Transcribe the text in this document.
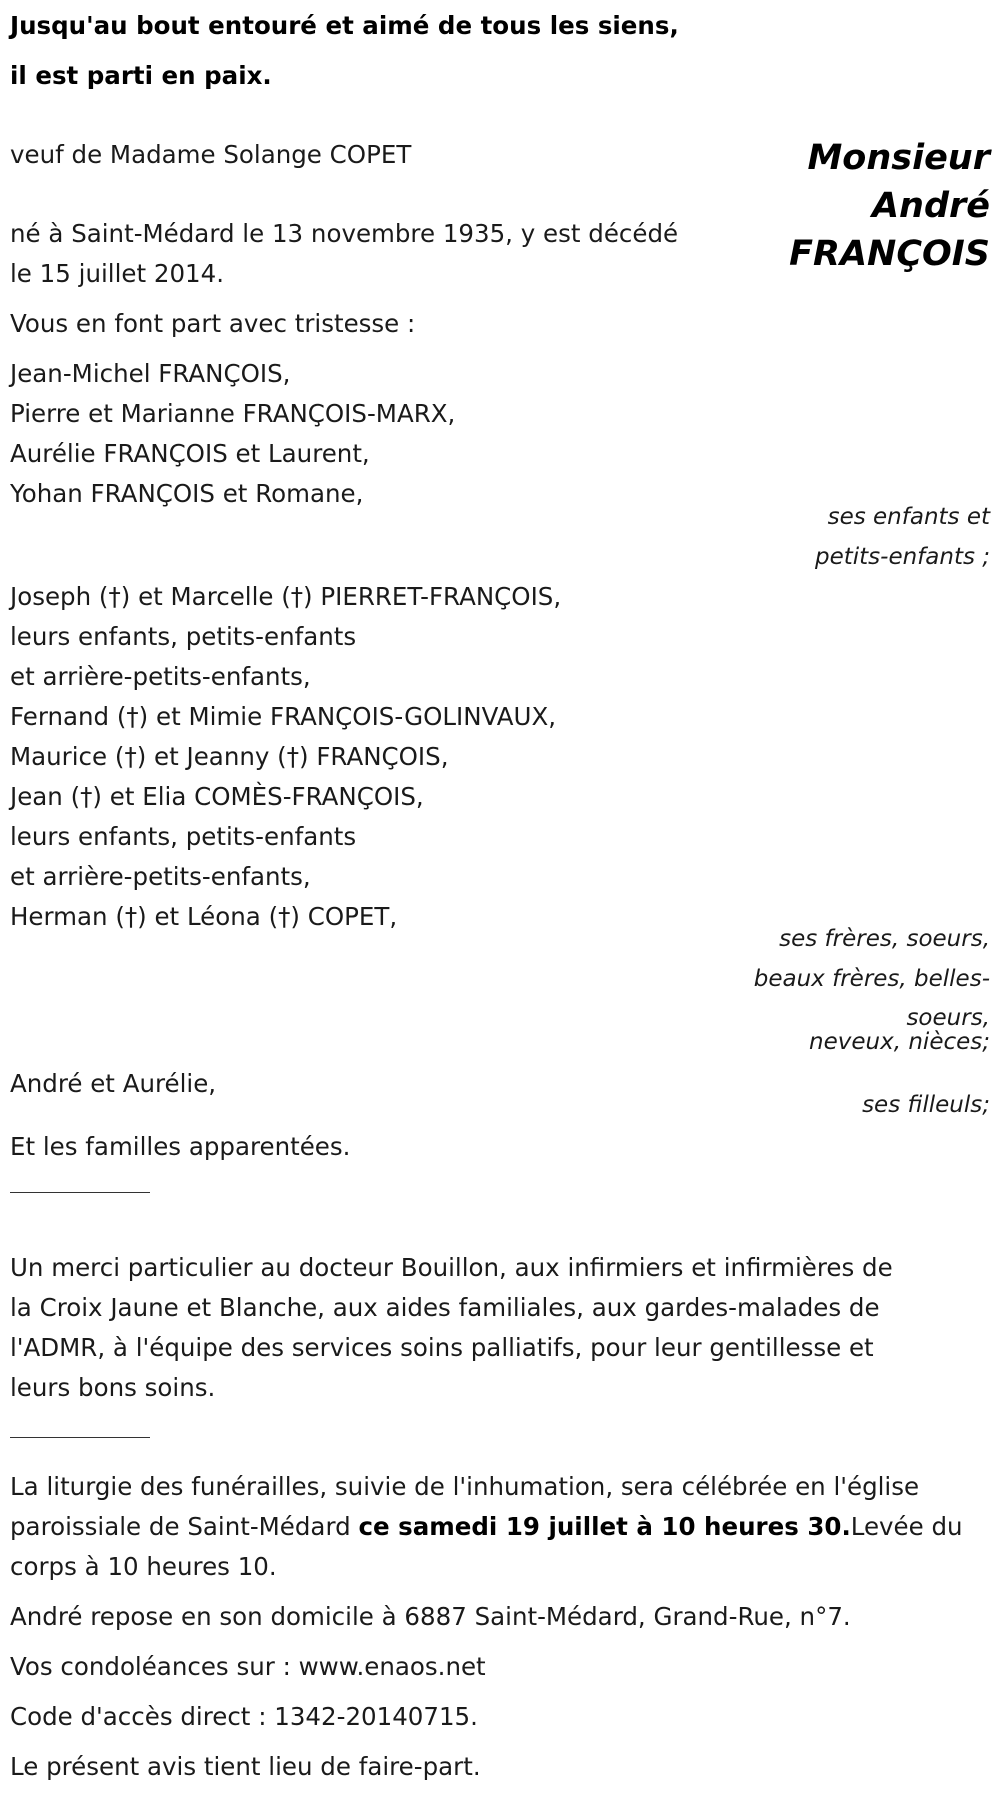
Jusqu'au bout entouré et aimé de tous les siens,
il est parti en paix.
Monsieur
André
FRANÇOIS
veuf de Madame Solange COPET
né à Saint-Médard le 13 novembre 1935, y est décédé
le 15 juillet 2014.
Vous en font part avec tristesse :
Jean-Michel FRANÇOIS,
Pierre et Marianne FRANÇOIS-MARX,
Aurélie FRANÇOIS et Laurent,
Yohan FRANÇOIS et Romane,
ses enfants et
petits-enfants ;
Joseph (†) et Marcelle (†) PIERRET-FRANÇOIS,
leurs enfants, petits-enfants
et arrière-petits-enfants,
Fernand (†) et Mimie FRANÇOIS-GOLINVAUX,
Maurice (†) et Jeanny (†) FRANÇOIS,
Jean (†) et Elia COMÈS-FRANÇOIS,
leurs enfants, petits-enfants
et arrière-petits-enfants,
Herman (†) et Léona (†) COPET,
ses frères, soeurs,
beaux frères, belles-
soeurs,
neveux, nièces;
André et Aurélie,
ses filleuls;
Et les familles apparentées.
Un merci particulier au docteur Bouillon, aux infirmiers et infirmières de
la Croix Jaune et Blanche, aux aides familiales, aux gardes-malades de
l'ADMR, à l'équipe des services soins palliatifs, pour leur gentillesse et
leurs bons soins.
La liturgie des funérailles, suivie de l'inhumation, sera célébrée en l'église
paroissiale de Saint-Médard ce samedi 19 juillet à 10 heures 30.Levée du
corps à 10 heures 10.
André repose en son domicile à 6887 Saint-Médard, Grand-Rue, n°7.
Vos condoléances sur : www.enaos.net
Code d'accès direct : 1342-20140715.
Le présent avis tient lieu de faire-part.
